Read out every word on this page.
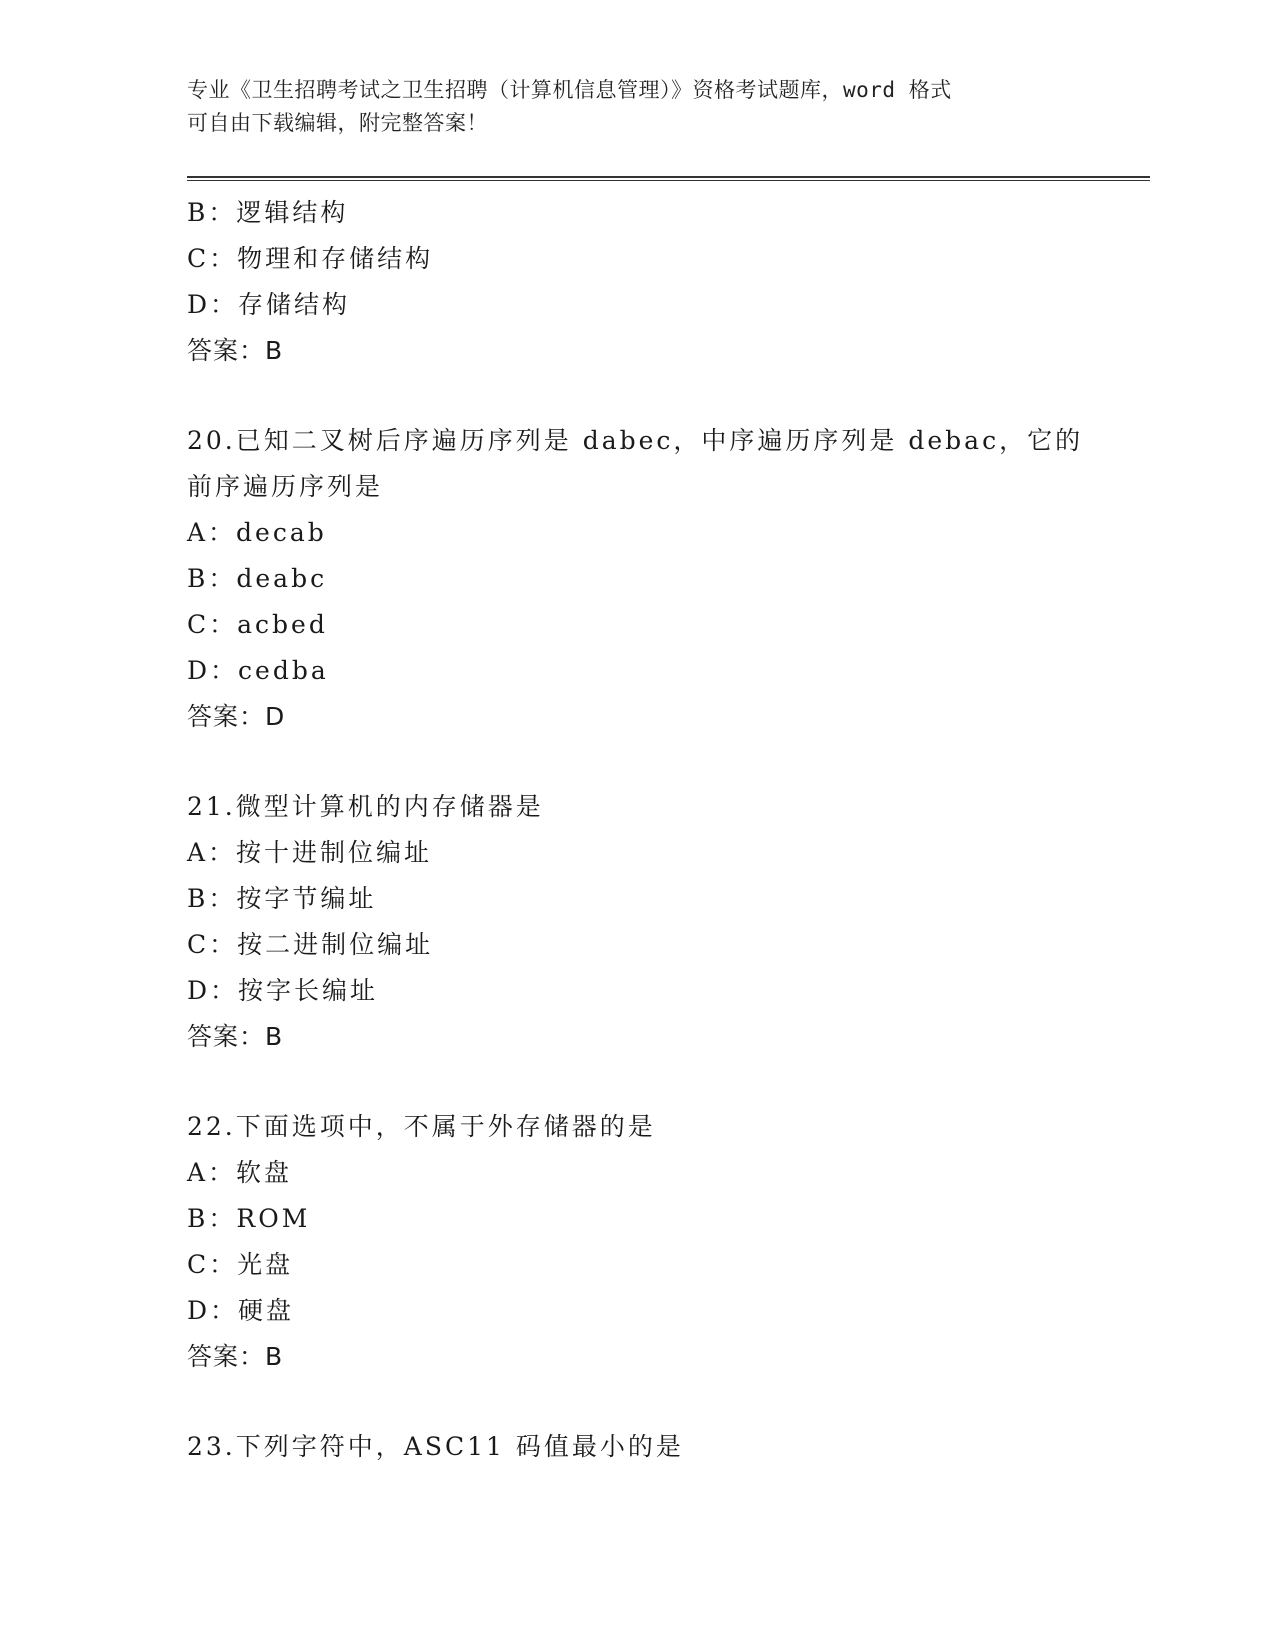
专业《卫生招聘考试之卫生招聘（计算机信息管理）》资格考试题库，word 格式
可自由下载编辑，附完整答案！
B：逻辑结构
C：物理和存储结构
D：存储结构
答案：B
20.已知二叉树后序遍历序列是 dabec，中序遍历序列是 debac，它的
前序遍历序列是
A：decab
B：deabc
C：acbed
D：cedba
答案：D
21.微型计算机的内存储器是
A：按十进制位编址
B：按字节编址
C：按二进制位编址
D：按字长编址
答案：B
22.下面选项中，不属于外存储器的是
A：软盘
B：ROM
C：光盘
D：硬盘
答案：B
23.下列字符中，ASC11 码值最小的是
